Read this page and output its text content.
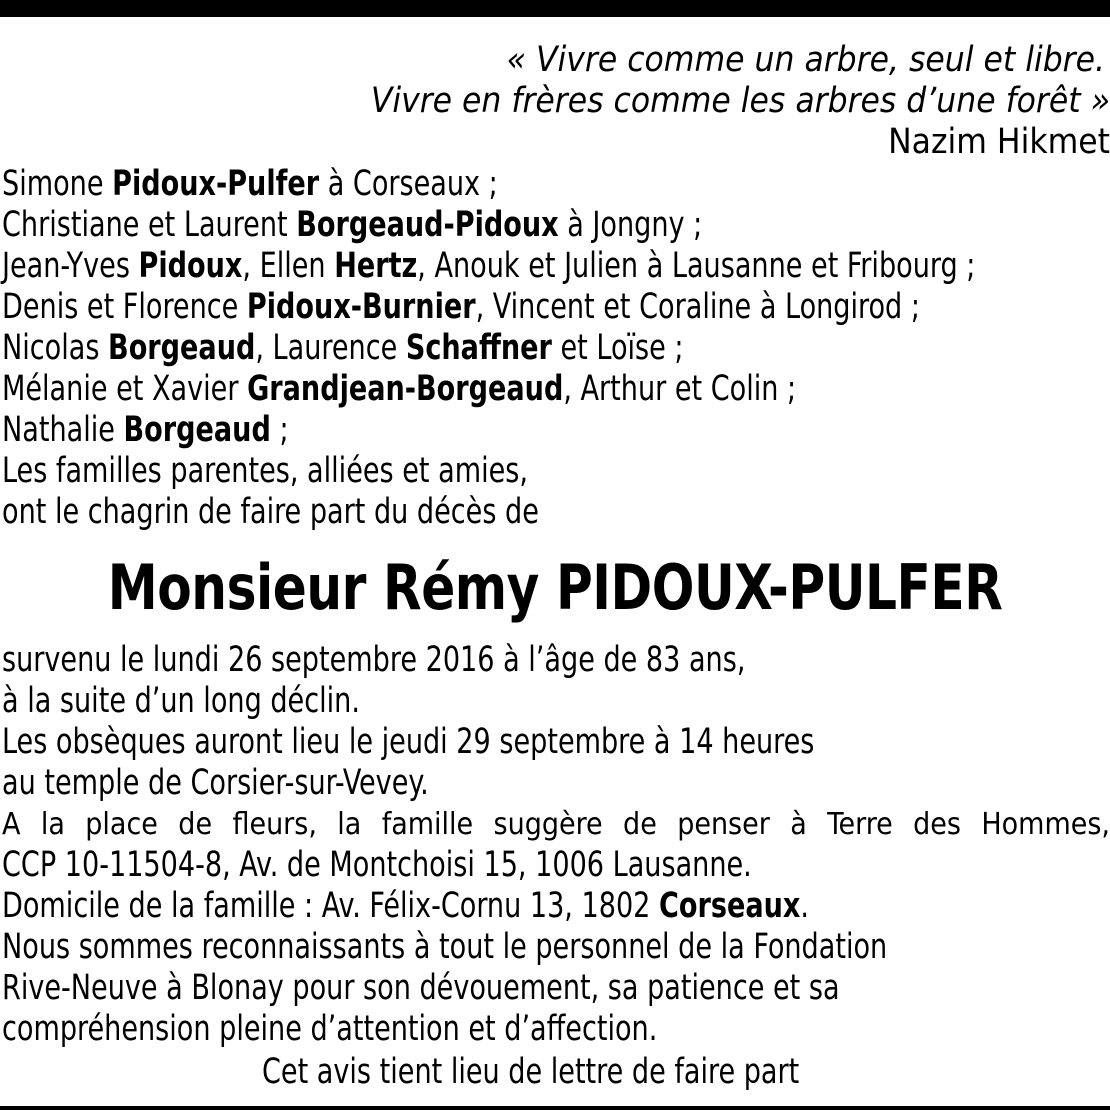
« Vivre comme un arbre, seul et libre.
Vivre en frères comme les arbres d’une forêt »

Nazim Hikmet
Simone Pidoux-Pulfer à Corseaux ;
Christiane et Laurent Borgeaud-Pidoux à Jongny ;
Jean-Yves Pidoux, Ellen Hertz, Anouk et Julien à Lausanne et Fribourg ;
Denis et Florence Pidoux-Burnier, Vincent et Coraline à Longirod ;
Nicolas Borgeaud, Laurence Schaffner et Loïse ;
Mélanie et Xavier Grandjean-Borgeaud, Arthur et Colin ;
Nathalie Borgeaud ;
Les familles parentes, alliées et amies,
ont le chagrin de faire part du décès de
Monsieur Rémy PIDOUX-PULFER
survenu le lundi 26 septembre 2016 à l’âge de 83 ans,
à la suite d’un long déclin.
Les obsèques auront lieu le jeudi 29 septembre à 14 heures
au temple de Corsier-sur-Vevey.
A la place de fleurs, la famille suggère de penser à Terre des Hommes,
CCP 10-11504-8, Av. de Montchoisi 15, 1006 Lausanne.
Domicile de la famille : Av. Félix-Cornu 13, 1802 Corseaux.
Nous sommes reconnaissants à tout le personnel de la Fondation
Rive-Neuve à Blonay pour son dévouement, sa patience et sa
compréhension pleine d’attention et d’affection.
Cet avis tient lieu de lettre de faire part
